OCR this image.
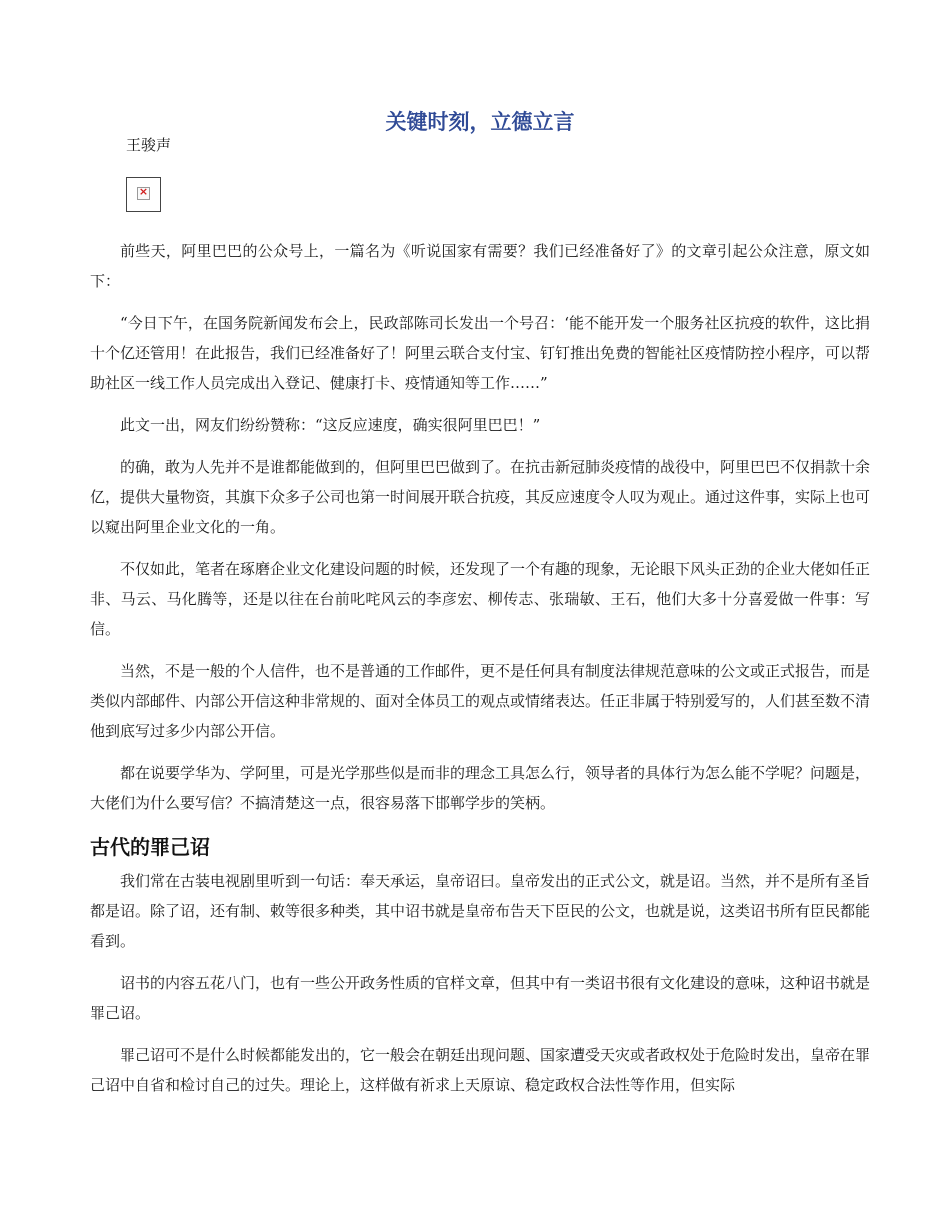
关键时刻，立德立言

王骏声

×

前些天，阿里巴巴的公众号上，一篇名为《听说国家有需要？我们已经准备好了》的文章引起公众注意，原文如下：

“今日下午，在国务院新闻发布会上，民政部陈司长发出一个号召：‘能不能开发一个服务社区抗疫的软件，这比捐十个亿还管用！在此报告，我们已经准备好了！阿里云联合支付宝、钉钉推出免费的智能社区疫情防控小程序，可以帮助社区一线工作人员完成出入登记、健康打卡、疫情通知等工作……”

此文一出，网友们纷纷赞称：“这反应速度，确实很阿里巴巴！”

的确，敢为人先并不是谁都能做到的，但阿里巴巴做到了。在抗击新冠肺炎疫情的战役中，阿里巴巴不仅捐款十余亿，提供大量物资，其旗下众多子公司也第一时间展开联合抗疫，其反应速度令人叹为观止。通过这件事，实际上也可以窥出阿里企业文化的一角。

不仅如此，笔者在琢磨企业文化建设问题的时候，还发现了一个有趣的现象，无论眼下风头正劲的企业大佬如任正非、马云、马化腾等，还是以往在台前叱咤风云的李彦宏、柳传志、张瑞敏、王石，他们大多十分喜爱做一件事：写信。

当然，不是一般的个人信件，也不是普通的工作邮件，更不是任何具有制度法律规范意味的公文或正式报告，而是类似内部邮件、内部公开信这种非常规的、面对全体员工的观点或情绪表达。任正非属于特别爱写的，人们甚至数不清他到底写过多少内部公开信。

都在说要学华为、学阿里，可是光学那些似是而非的理念工具怎么行，领导者的具体行为怎么能不学呢？问题是，大佬们为什么要写信？不搞清楚这一点，很容易落下邯郸学步的笑柄。

古代的罪己诏

我们常在古装电视剧里听到一句话：奉天承运，皇帝诏曰。皇帝发出的正式公文，就是诏。当然，并不是所有圣旨都是诏。除了诏，还有制、敕等很多种类，其中诏书就是皇帝布告天下臣民的公文，也就是说，这类诏书所有臣民都能看到。

诏书的内容五花八门，也有一些公开政务性质的官样文章，但其中有一类诏书很有文化建设的意味，这种诏书就是罪己诏。

罪己诏可不是什么时候都能发出的，它一般会在朝廷出现问题、国家遭受天灾或者政权处于危险时发出，皇帝在罪己诏中自省和检讨自己的过失。理论上，这样做有祈求上天原谅、稳定政权合法性等作用，但实际
